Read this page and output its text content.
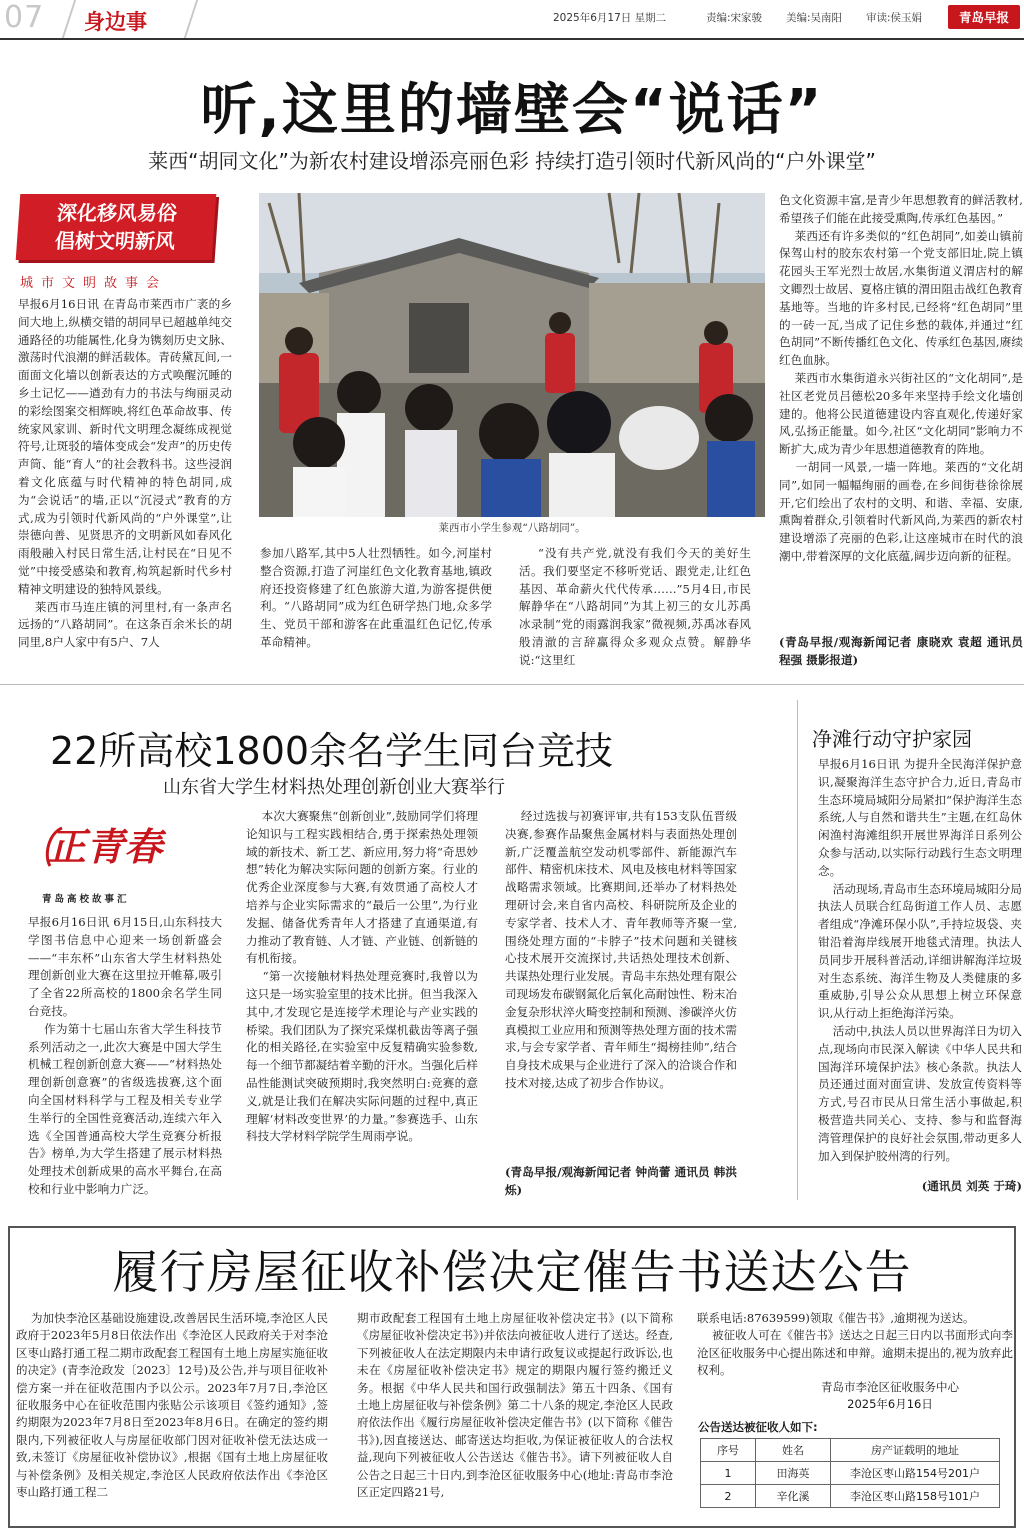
07 身边事	2025年6月17日 星期二	责编:宋家骏 美编:吴南阳 审读:侯玉娟	青岛早报
听,这里的墙壁会“说话”
莱西“胡同文化”为新农村建设增添亮丽色彩 持续打造引领时代新风尚的“户外课堂”
深化移风易俗
倡树文明新风
城市文明故事会
早报6月16日讯 在青岛市莱西市广袤的乡间大地上,纵横交错的胡同早已超越单纯交通路径的功能属性,化身为镌刻历史文脉、激荡时代浪潮的鲜活载体。青砖黛瓦间,一面面文化墙以创新表达的方式唤醒沉睡的乡土记忆——遒劲有力的书法与绚丽灵动的彩绘图案交相辉映,将红色革命故事、传统家风家训、新时代文明理念凝练成视觉符号,让斑驳的墙体变成会“发声”的历史传声筒、能“育人”的社会教科书。这些浸润着文化底蕴与时代精神的特色胡同,成为“会说话”的墙,正以“沉浸式”教育的方式,成为引领时代新风尚的“户外课堂”,让崇德向善、见贤思齐的文明新风如春风化雨般融入村民日常生活,让村民在“日见不觉”中接受感染和教育,构筑起新时代乡村精神文明建设的独特风景线。
莱西市马连庄镇的河里村,有一条声名远扬的“八路胡同”。在这条百余米长的胡同里,8户人家中有5户、7人
莱西市小学生参观“八路胡同”。
参加八路军,其中5人壮烈牺牲。如今,河崖村整合资源,打造了河崖红色文化教育基地,镇政府还投资修建了红色旅游大道,为游客提供便利。“八路胡同”成为红色研学热门地,众多学生、党员干部和游客在此重温红色记忆,传承革命精神。
“没有共产党,就没有我们今天的美好生活。我们要坚定不移听党话、跟党走,让红色基因、革命薪火代代传承……”5月4日,市民解静华在“八路胡同”为其上初三的女儿苏禹冰录制“党的雨露润我家”微视频,苏禹冰春风般清澈的言辞赢得众多观众点赞。解静华说:“这里红
色文化资源丰富,是青少年思想教育的鲜活教材,希望孩子们能在此接受熏陶,传承红色基因。”
莱西还有许多类似的“红色胡同”,如姜山镇前保驾山村的胶东农村第一个党支部旧址,院上镇花园头王军光烈士故居,水集街道义渭店村的解文卿烈士故居、夏格庄镇的渭田阻击战红色教育基地等。当地的许多村民,已经将“红色胡同”里的一砖一瓦,当成了记住乡愁的载体,并通过“红色胡同”不断传播红色文化、传承红色基因,赓续红色血脉。
莱西市水集街道永兴街社区的“文化胡同”,是社区老党员吕德松20多年来坚持手绘文化墙创建的。他将公民道德建设内容直观化,传递好家风,弘扬正能量。如今,社区“文化胡同”影响力不断扩大,成为青少年思想道德教育的阵地。
一胡同一风景,一墙一阵地。莱西的“文化胡同”,如同一幅幅绚丽的画卷,在乡间街巷徐徐展开,它们绘出了农村的文明、和谐、幸福、安康,熏陶着群众,引领着时代新风尚,为莱西的新农村建设增添了亮丽的色彩,让这座城市在时代的浪潮中,带着深厚的文化底蕴,阔步迈向新的征程。
(青岛早报/观海新闻记者 康晓欢 袁超 通讯员 程强 摄影报道)
22所高校1800余名学生同台竞技
山东省大学生材料热处理创新创业大赛举行
正青春
青岛高校故事汇
早报6月16日讯 6月15日,山东科技大学图书信息中心迎来一场创新盛会——“丰东杯”山东省大学生材料热处理创新创业大赛在这里拉开帷幕,吸引了全省22所高校的1800余名学生同台竞技。
作为第十七届山东省大学生科技节系列活动之一,此次大赛是中国大学生机械工程创新创意大赛——“材料热处理创新创意赛”的省级选拔赛,这个面向全国材料科学与工程及相关专业学生举行的全国性竞赛活动,连续六年入选《全国普通高校大学生竞赛分析报告》榜单,为大学生搭建了展示材料热处理技术创新成果的高水平舞台,在高校和行业中影响力广泛。
本次大赛聚焦“创新创业”,鼓励同学们将理论知识与工程实践相结合,勇于探索热处理领域的新技术、新工艺、新应用,努力将“奇思妙想”转化为解决实际问题的创新方案。行业的优秀企业深度参与大赛,有效贯通了高校人才培养与企业实际需求的“最后一公里”,为行业发掘、储备优秀青年人才搭建了直通渠道,有力推动了教育链、人才链、产业链、创新链的有机衔接。
“第一次接触材料热处理竞赛时,我曾以为这只是一场实验室里的技术比拼。但当我深入其中,才发现它是连接学术理论与产业实践的桥梁。我们团队为了探究采煤机截齿等离子强化的相关路径,在实验室中反复精确实验参数,每一个细节都凝结着辛勤的汗水。当强化后样品性能测试突破预期时,我突然明白:竞赛的意义,就是让我们在解决实际问题的过程中,真正理解‘材料改变世界’的力量。”参赛选手、山东科技大学材料学院学生周雨亭说。
经过选拔与初赛评审,共有153支队伍晋级决赛,参赛作品聚焦金属材料与表面热处理创新,广泛覆盖航空发动机零部件、新能源汽车部件、精密机床技术、风电及核电材料等国家战略需求领域。比赛期间,还举办了材料热处理研讨会,来自省内高校、科研院所及企业的专家学者、技术人才、青年教师等齐聚一堂,围绕处理方面的“卡脖子”技术问题和关键核心技术展开交流探讨,共话热处理技术创新、共谋热处理行业发展。青岛丰东热处理有限公司现场发布碳钢氮化后氧化高耐蚀性、粉末冶金复杂形状淬火畸变控制和预测、渗碳淬火仿真模拟工业应用和预测等热处理方面的技术需求,与会专家学者、青年师生“揭榜挂帅”,结合自身技术成果与企业进行了深入的洽谈合作和技术对接,达成了初步合作协议。
(青岛早报/观海新闻记者 钟尚蕾 通讯员 韩洪烁)
净滩行动守护家园
早报6月16日讯 为提升全民海洋保护意识,凝聚海洋生态守护合力,近日,青岛市生态环境局城阳分局紧扣“保护海洋生态系统,人与自然和谐共生”主题,在红岛休闲渔村海滩组织开展世界海洋日系列公众参与活动,以实际行动践行生态文明理念。
活动现场,青岛市生态环境局城阳分局执法人员联合红岛街道工作人员、志愿者组成“净滩环保小队”,手持垃圾袋、夹钳沿着海岸线展开地毯式清理。执法人员同步开展科普活动,详细讲解海洋垃圾对生态系统、海洋生物及人类健康的多重威胁,引导公众从思想上树立环保意识,从行动上拒绝海洋污染。
活动中,执法人员以世界海洋日为切入点,现场向市民深入解读《中华人民共和国海洋环境保护法》核心条款。执法人员还通过面对面宣讲、发放宣传资料等方式,号召市民从日常生活小事做起,积极营造共同关心、支持、参与和监督海湾管理保护的良好社会氛围,带动更多人加入到保护胶州湾的行列。
(通讯员 刘英 于琦)
履行房屋征收补偿决定催告书送达公告
为加快李沧区基础设施建设,改善居民生活环境,李沧区人民政府于2023年5月8日依法作出《李沧区人民政府关于对李沧区枣山路打通工程二期市政配套工程国有土地上房屋实施征收的决定》(青李沧政发〔2023〕12号)及公告,并与项目征收补偿方案一并在征收范围内予以公示。2023年7月7日,李沧区征收服务中心在征收范围内张贴公示该项目《签约通知》,签约期限为2023年7月8日至2023年8月6日。在确定的签约期限内,下列被征收人与房屋征收部门因对征收补偿无法达成一致,未签订《房屋征收补偿协议》,根据《国有土地上房屋征收与补偿条例》及相关规定,李沧区人民政府依法作出《李沧区枣山路打通工程二
期市政配套工程国有土地上房屋征收补偿决定书》(以下简称《房屋征收补偿决定书》)并依法向被征收人进行了送达。经查,下列被征收人在法定期限内未申请行政复议或提起行政诉讼,也未在《房屋征收补偿决定书》规定的期限内履行签约搬迁义务。根据《中华人民共和国行政强制法》第五十四条、《国有土地上房屋征收与补偿条例》第二十八条的规定,李沧区人民政府依法作出《履行房屋征收补偿决定催告书》(以下简称《催告书》),因直接送达、邮寄送达均拒收,为保证被征收人的合法权益,现向下列被征收人公告送达《催告书》。请下列被征收人自公告之日起三十日内,到李沧区征收服务中心(地址:青岛市李沧区正定四路21号,
联系电话:87639599)领取《催告书》,逾期视为送达。
被征收人可在《催告书》送达之日起三日内以书面形式向李沧区征收服务中心提出陈述和申辩。逾期未提出的,视为放弃此权利。
青岛市李沧区征收服务中心
2025年6月16日
公告送达被征收人如下:
序号	姓名	房产证载明的地址
1	田海英	李沧区枣山路154号201户
2	辛化溪	李沧区枣山路158号101户
